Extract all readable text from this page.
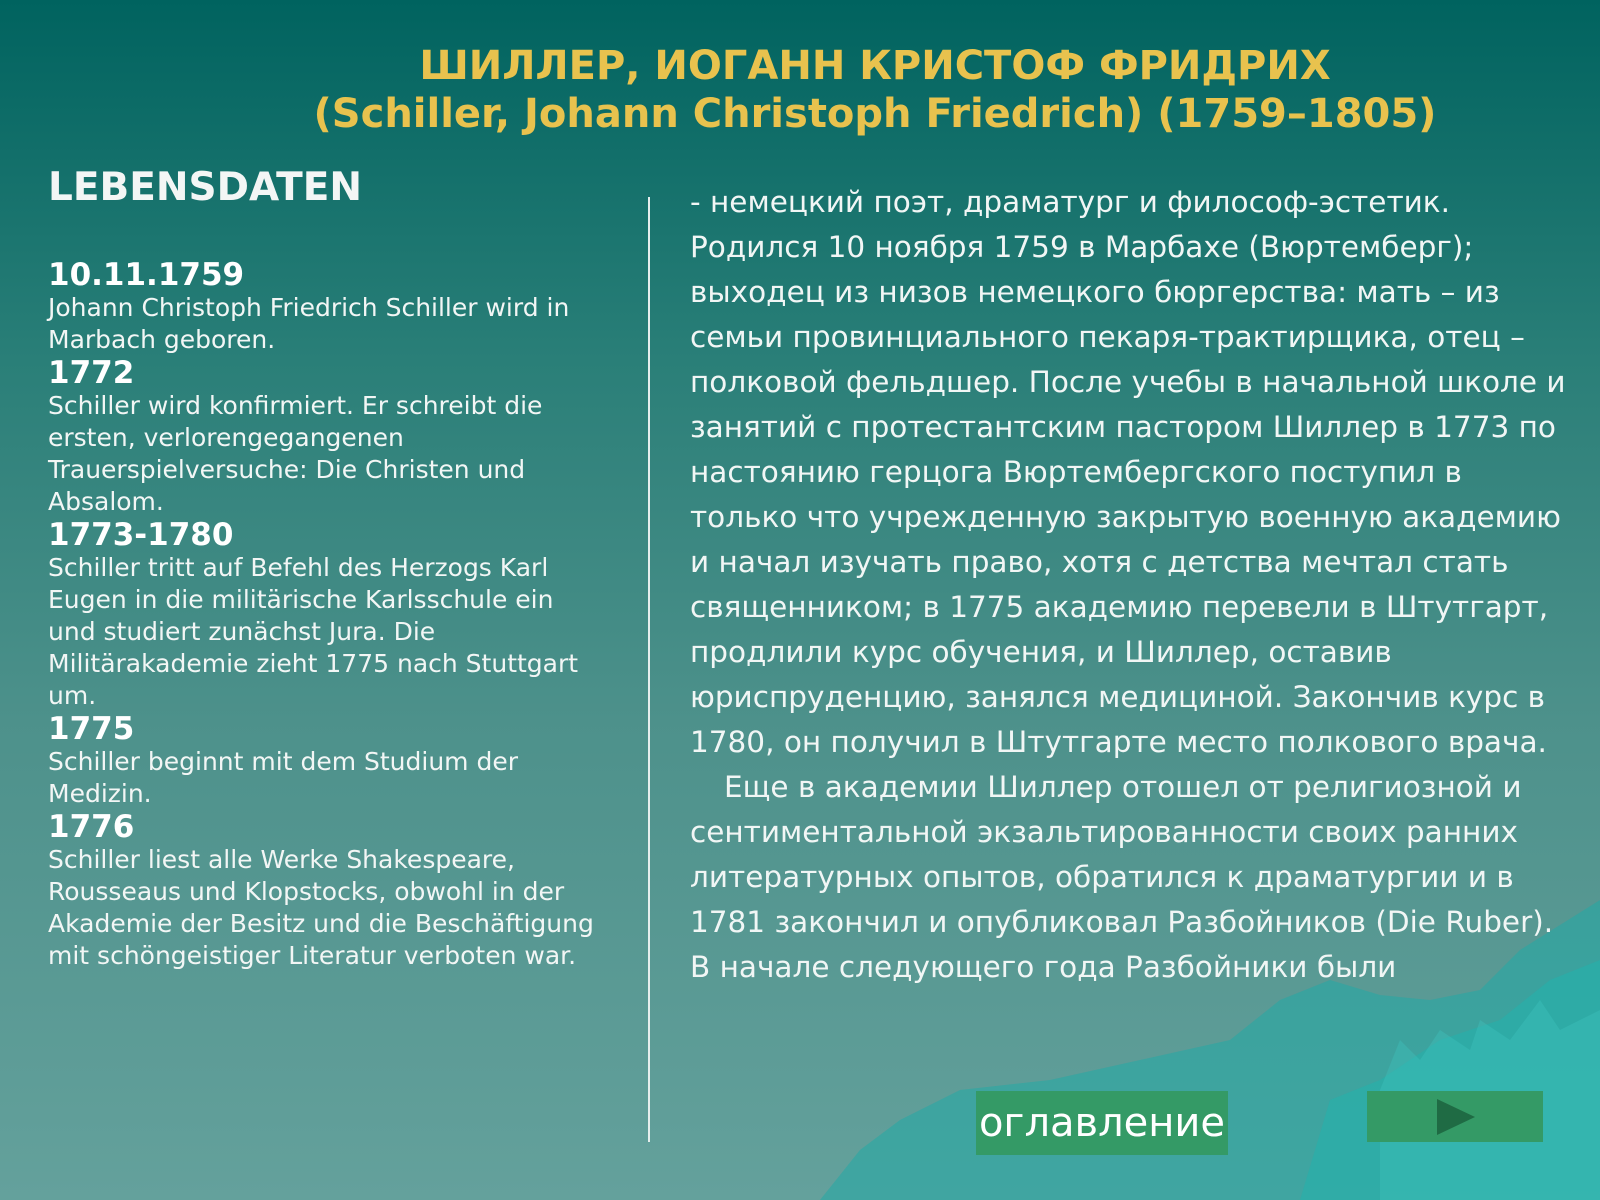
ШИЛЛЕР, ИОГАНН КРИСТОФ ФРИДРИХ
(Schiller, Johann Christoph Friedrich) (1759–1805)
LEBENSDATEN
10.11.1759
Johann Christoph Friedrich Schiller wird in Marbach geboren.
1772
Schiller wird konfirmiert. Er schreibt die ersten, verlorengegangenen Trauerspielversuche: Die Christen und Absalom.
1773-1780
Schiller tritt auf Befehl des Herzogs Karl Eugen in die militärische Karlsschule ein und studiert zunächst Jura. Die Militärakademie zieht 1775 nach Stuttgart um.
1775
Schiller beginnt mit dem Studium der Medizin.
1776
Schiller liest alle Werke Shakespeare, Rousseaus und Klopstocks, obwohl in der Akademie der Besitz und die Beschäftigung mit schöngeistiger Literatur verboten war.

- немецкий поэт, драматург и философ-эстетик. Родился 10 ноября 1759 в Марбахе (Вюртемберг); выходец из низов немецкого бюргерства: мать – из семьи провинциального пекаря-трактирщика, отец – полковой фельдшер. После учебы в начальной школе и занятий с протестантским пастором Шиллер в 1773 по настоянию герцога Вюртембергского поступил в только что учрежденную закрытую военную академию и начал изучать право, хотя с детства мечтал стать священником; в 1775 академию перевели в Штутгарт, продлили курс обучения, и Шиллер, оставив юриспруденцию, занялся медициной. Закончив курс в 1780, он получил в Штутгарте место полкового врача.

Еще в академии Шиллер отошел от религиозной и сентиментальной экзальтированности своих ранних литературных опытов, обратился к драматургии и в 1781 закончил и опубликовал Разбойников (Die Ruber). В начале следующего года Разбойники были

оглавление
